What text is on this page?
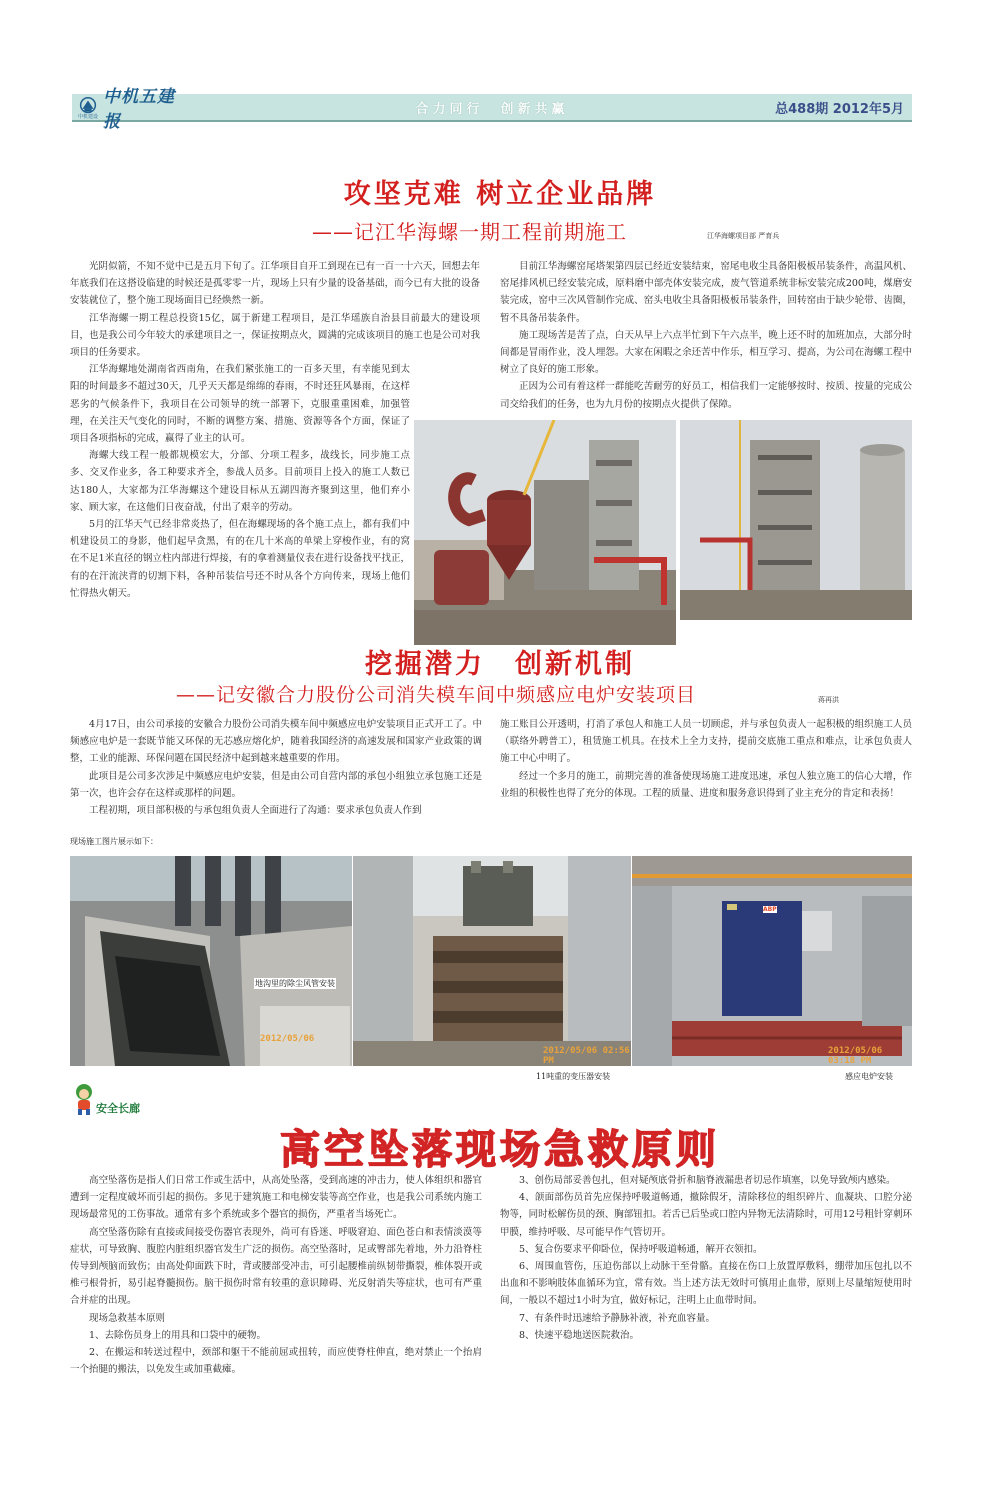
中机五建报
中机建设	合力同行　创新共赢	总488期 2012年5月
攻坚克难 树立企业品牌
——记江华海螺一期工程前期施工	江华海螺项目部 严育兵

光阴似箭，不知不觉中已是五月下旬了。江华项目自开工到现在已有一百一十六天，回想去年年底我们在这搭设临建的时候还是孤零零一片，现场上只有少量的设备基础，而今已有大批的设备安装就位了，整个施工现场面目已经焕然一新。

江华海螺一期工程总投资15亿，属于新建工程项目，是江华瑶族自治县目前最大的建设项目，也是我公司今年较大的承建项目之一，保证按期点火，圆满的完成该项目的施工也是公司对我项目的任务要求。

江华海螺地处湖南省西南角，在我们紧张施工的一百多天里，有幸能见到太阳的时间最多不超过30天，几乎天天都是绵绵的春雨，不时还狂风暴雨，在这样恶劣的气候条件下，我项目在公司领导的统一部署下，克服重重困难，加强管理，在关注天气变化的同时，不断的调整方案、措施、资源等各个方面，保证了项目各项指标的完成，赢得了业主的认可。

海螺大线工程一般都规模宏大，分部、分项工程多，战线长，同步施工点多、交叉作业多，各工种要求齐全，参战人员多。目前项目上投入的施工人数已达180人，大家都为江华海螺这个建设目标从五湖四海齐聚到这里，他们弃小家、顾大家，在这他们日夜奋战，付出了艰辛的劳动。

5月的江华天气已经非常炎热了，但在海螺现场的各个施工点上，都有我们中机建设员工的身影，他们起早贪黑，有的在几十米高的单梁上穿梭作业，有的窝在不足1米直径的钢立柱内部进行焊接，有的拿着测量仪表在进行设备找平找正，有的在汗流浃背的切割下料，各种吊装信号还不时从各个方向传来，现场上他们忙得热火朝天。

目前江华海螺窑尾塔架第四层已经近安装结束，窑尾电收尘具备阳极板吊装条件，高温风机、窑尾排风机已经安装完成，原料磨中部壳体安装完成，废气管道系统非标安装完成200吨，煤磨安装完成，窑中三次风管制作完成、窑头电收尘具备阳极板吊装条件，回转窑由于缺少轮带、齿圈，暂不具备吊装条件。

施工现场苦是苦了点，白天从早上六点半忙到下午六点半，晚上还不时的加班加点，大部分时间都是冒雨作业，没人埋怨。大家在闲暇之余还苦中作乐，相互学习、提高，为公司在海螺工程中树立了良好的施工形象。

正因为公司有着这样一群能吃苦耐劳的好员工，相信我们一定能够按时、按质、按量的完成公司交给我们的任务，也为九月份的按期点火提供了保障。

挖掘潜力　创新机制
——记安徽合力股份公司消失模车间中频感应电炉安装项目	蒋再洪

4月17日，由公司承接的安徽合力股份公司消失模车间中频感应电炉安装项目正式开工了。中频感应电炉是一套既节能又环保的无芯感应熔化炉，随着我国经济的高速发展和国家产业政策的调整，工业的能源、环保问题在国民经济中起到越来越重要的作用。

此项目是公司多次涉足中频感应电炉安装，但是由公司自营内部的承包小组独立承包施工还是第一次，也许会存在这样或那样的问题。

工程初期，项目部积极的与承包组负责人全面进行了沟通：要求承包负责人作到

施工账目公开透明，打消了承包人和施工人员一切顾虑，并与承包负责人一起积极的组织施工人员（联络外聘普工），租赁施工机具。在技术上全力支持，提前交底施工重点和难点，让承包负责人施工中心中明了。

经过一个多月的施工，前期完善的准备使现场施工进度迅速，承包人独立施工的信心大增，作业组的积极性也得了充分的体现。工程的质量、进度和服务意识得到了业主充分的肯定和表扬！

现场施工图片展示如下：
地沟里的除尘风管安装
2012/05/06
2012/05/06 02:56 PM
ABP
2012/05/06 03:18 PM
11吨重的变压器安装	感应电炉安装
安全长廊
高空坠落现场急救原则

高空坠落伤是指人们日常工作或生活中，从高处坠落，受到高速的冲击力，使人体组织和器官遭到一定程度破坏而引起的损伤。多见于建筑施工和电梯安装等高空作业，也是我公司系统内施工现场最常见的工伤事故。通常有多个系统或多个器官的损伤，严重者当场死亡。

高空坠落伤除有直接或间接受伤器官表现外，尚可有昏迷、呼吸窘迫、面色苍白和表情淡漠等症状，可导致胸、腹腔内脏组织器官发生广泛的损伤。高空坠落时，足或臀部先着地，外力沿脊柱传导到颅脑而致伤；由高处仰面跌下时，背或腰部受冲击，可引起腰椎前纵韧带撕裂，椎体裂开或椎弓根骨折，易引起脊髓损伤。脑干损伤时常有较重的意识障碍、光反射消失等症状，也可有严重合并症的出现。

现场急救基本原则

1、去除伤员身上的用具和口袋中的硬物。

2、在搬运和转送过程中，颈部和躯干不能前屈或扭转，而应使脊柱伸直，绝对禁止一个抬肩一个抬腿的搬法，以免发生或加重截瘫。

3、创伤局部妥善包扎，但对疑颅底骨折和脑脊液漏患者切忌作填塞，以免导致颅内感染。

4、颌面部伤员首先应保持呼吸道畅通，撤除假牙，清除移位的组织碎片、血凝块、口腔分泌物等，同时松解伤员的颈、胸部钮扣。若舌已后坠或口腔内异物无法清除时，可用12号粗针穿刺环甲膜，维持呼吸、尽可能早作气管切开。

5、复合伤要求平仰卧位，保持呼吸道畅通，解开衣领扣。

6、周围血管伤，压迫伤部以上动脉干至骨骼。直接在伤口上放置厚敷料，绷带加压包扎以不出血和不影响肢体血循环为宜，常有效。当上述方法无效时可慎用止血带，原则上尽量缩短使用时间，一般以不超过1小时为宜，做好标记，注明上止血带时间。

7、有条件时迅速给予静脉补液，补充血容量。

8、快速平稳地送医院救治。
